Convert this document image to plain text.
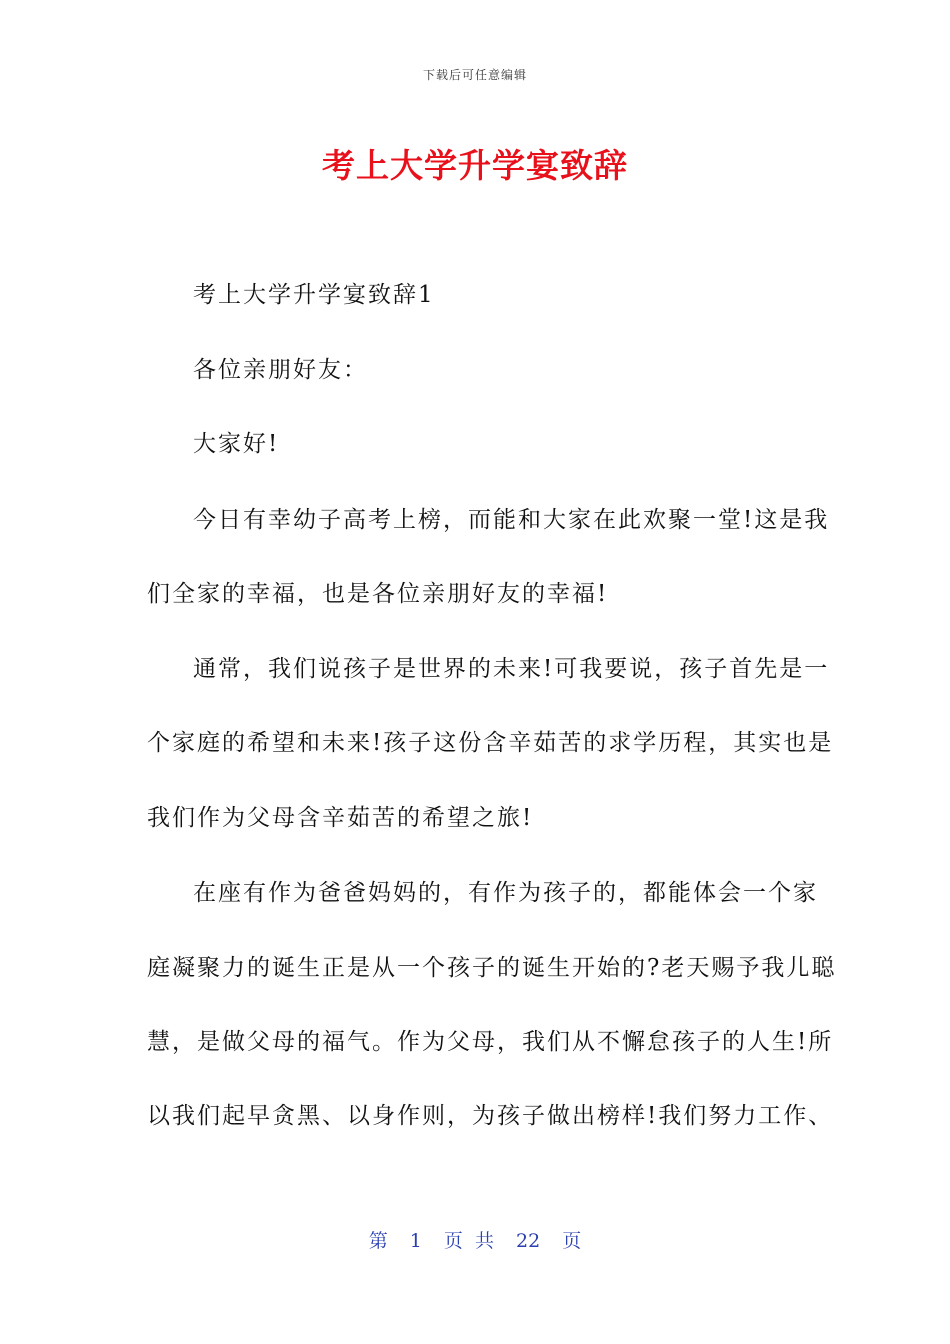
下载后可任意编辑
考上大学升学宴致辞
考上大学升学宴致辞1
各位亲朋好友：
大家好!
今日有幸幼子高考上榜，而能和大家在此欢聚一堂!这是我
们全家的幸福，也是各位亲朋好友的幸福!
通常，我们说孩子是世界的未来!可我要说，孩子首先是一
个家庭的希望和未来!孩子这份含辛茹苦的求学历程，其实也是
我们作为父母含辛茹苦的希望之旅!
在座有作为爸爸妈妈的，有作为孩子的，都能体会一个家
庭凝聚力的诞生正是从一个孩子的诞生开始的?老天赐予我儿聪
慧，是做父母的福气。作为父母，我们从不懈怠孩子的人生!所
以我们起早贪黑、以身作则，为孩子做出榜样!我们努力工作、
第 1 页 共 22 页
